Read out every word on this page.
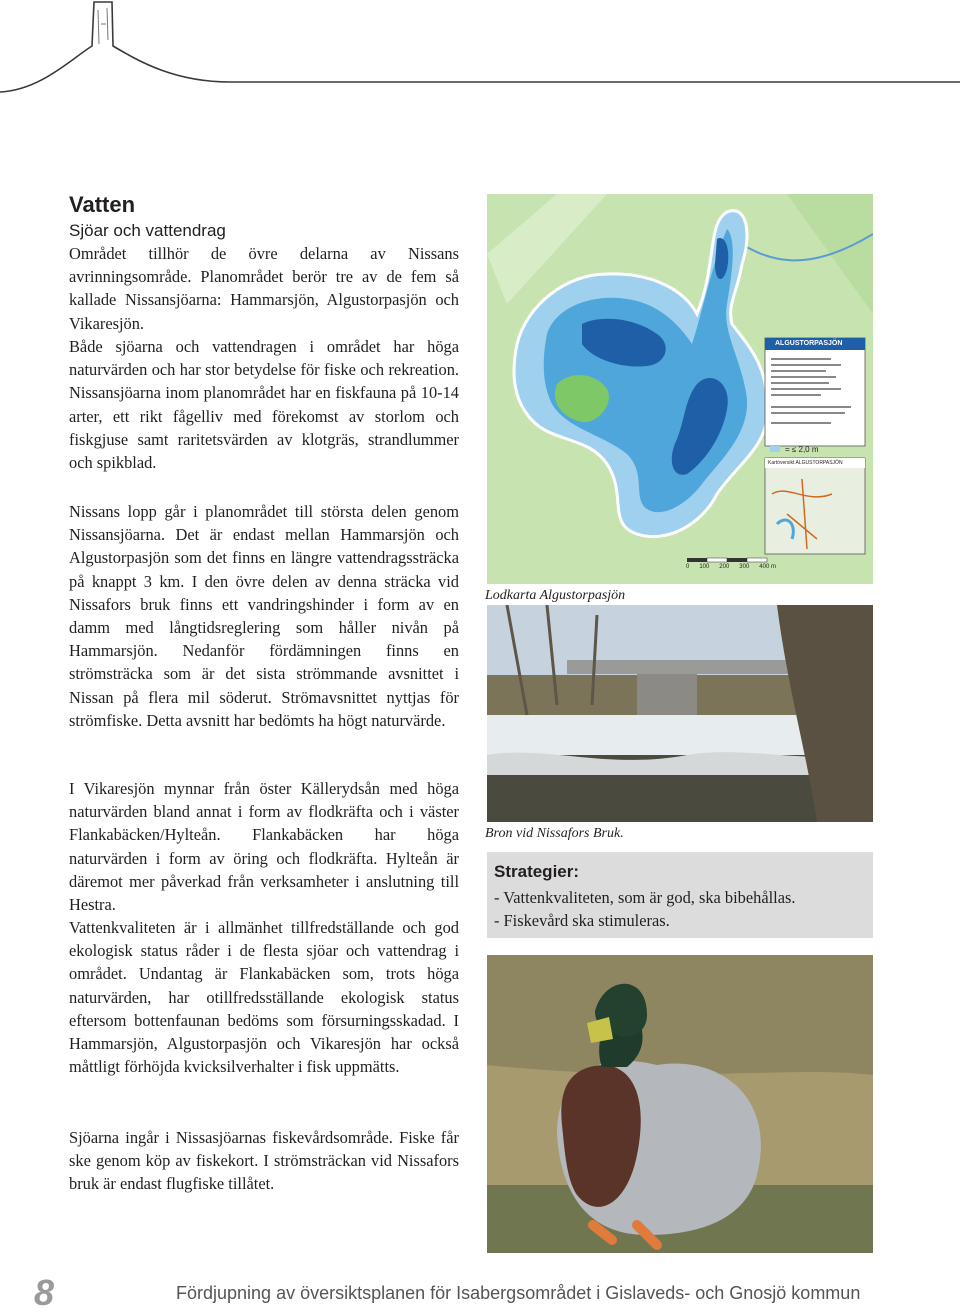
Vatten
Sjöar och vattendrag

Området tillhör de övre delarna av Nissans avrinningsområde. Planområdet berör tre av de fem så kallade Nissansjöarna: Hammarsjön, Algustorpasjön och Vikaresjön.

Både sjöarna och vattendragen i området har höga naturvärden och har stor betydelse för fiske och rekreation. Nissansjöarna inom planområdet har en fiskfauna på 10-14 arter, ett rikt fågelliv med förekomst av storlom och fiskgjuse samt raritetsvärden av klotgräs, strandlummer och spikblad.

Nissans lopp går i planområdet till största delen genom Nissansjöarna. Det är endast mellan Hammarsjön och Algustorpasjön som det finns en längre vattendragssträcka på knappt 3 km. I den övre delen av denna sträcka vid Nissafors bruk finns ett vandringshinder i form av en damm med långtidsreglering som håller nivån på Hammarsjön. Nedanför fördämningen finns en strömsträcka som är det sista strömmande avsnittet i Nissan på flera mil söderut. Strömavsnittet nyttjas för strömfiske. Detta avsnitt har bedömts ha högt naturvärde.

I Vikaresjön mynnar från öster Källerydsån med höga naturvärden bland annat i form av flodkräfta och i väster Flankabäcken/Hylteån. Flankabäcken har höga naturvärden i form av öring och flodkräfta. Hylteån är däremot mer påverkad från verksamheter i anslutning till Hestra.

Vattenkvaliteten är i allmänhet tillfredställande och god ekologisk status råder i de flesta sjöar och vattendrag i området. Undantag är Flankabäcken som, trots höga naturvärden, har otillfredsställande ekologisk status eftersom bottenfaunan bedöms som försurningsskadad. I Hammarsjön, Algustorpasjön och Vikaresjön har också måttligt förhöjda kvicksilverhalter i fisk uppmätts.

Sjöarna ingår i Nissasjöarnas fiskevårdsområde. Fiske får ske genom köp av fiskekort. I strömsträckan vid Nissafors bruk är endast flugfiske tillåtet.

ALGUSTORPASJÖN
= ≤ 2,0 m
Kartöversikt ALGUSTORPASJÖN
0 100 200 300 400 m
Lodkarta Algustorpasjön
Bron vid Nissafors Bruk.
Strategier:
- Vattenkvaliteten, som är god, ska bibehållas.
- Fiskevård ska stimuleras.
8	Fördjupning av översiktsplanen för Isabergsområdet i Gislaveds- och Gnosjö kommun
